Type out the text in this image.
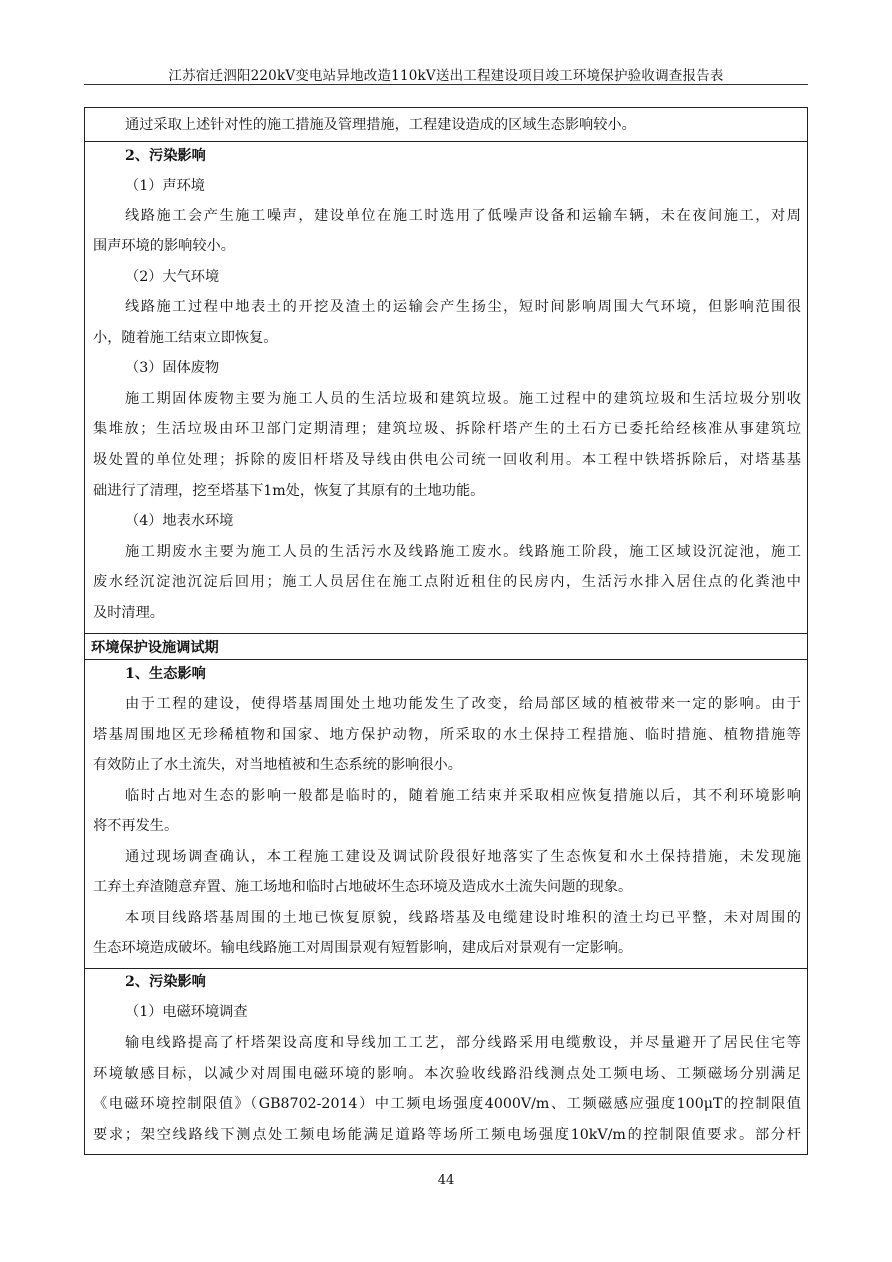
江苏宿迁泗阳220kV变电站异地改造110kV送出工程建设项目竣工环境保护验收调查报告表
通过采取上述针对性的施工措施及管理措施，工程建设造成的区域生态影响较小。
2、污染影响
（1）声环境
线路施工会产生施工噪声，建设单位在施工时选用了低噪声设备和运输车辆，未在夜间施工，对周
围声环境的影响较小。
（2）大气环境
线路施工过程中地表土的开挖及渣土的运输会产生扬尘，短时间影响周围大气环境，但影响范围很
小，随着施工结束立即恢复。
（3）固体废物
施工期固体废物主要为施工人员的生活垃圾和建筑垃圾。施工过程中的建筑垃圾和生活垃圾分别收
集堆放；生活垃圾由环卫部门定期清理；建筑垃圾、拆除杆塔产生的土石方已委托给经核准从事建筑垃
圾处置的单位处理；拆除的废旧杆塔及导线由供电公司统一回收利用。本工程中铁塔拆除后，对塔基基
础进行了清理，挖至塔基下1m处，恢复了其原有的土地功能。
（4）地表水环境
施工期废水主要为施工人员的生活污水及线路施工废水。线路施工阶段，施工区域设沉淀池，施工
废水经沉淀池沉淀后回用；施工人员居住在施工点附近租住的民房内，生活污水排入居住点的化粪池中
及时清理。
环境保护设施调试期
1、生态影响
由于工程的建设，使得塔基周围处土地功能发生了改变，给局部区域的植被带来一定的影响。由于
塔基周围地区无珍稀植物和国家、地方保护动物，所采取的水土保持工程措施、临时措施、植物措施等
有效防止了水土流失，对当地植被和生态系统的影响很小。
临时占地对生态的影响一般都是临时的，随着施工结束并采取相应恢复措施以后，其不利环境影响
将不再发生。
通过现场调查确认，本工程施工建设及调试阶段很好地落实了生态恢复和水土保持措施，未发现施
工弃土弃渣随意弃置、施工场地和临时占地破坏生态环境及造成水土流失问题的现象。
本项目线路塔基周围的土地已恢复原貌，线路塔基及电缆建设时堆积的渣土均已平整，未对周围的
生态环境造成破坏。输电线路施工对周围景观有短暂影响，建成后对景观有一定影响。
2、污染影响
（1）电磁环境调查
输电线路提高了杆塔架设高度和导线加工工艺，部分线路采用电缆敷设，并尽量避开了居民住宅等
环境敏感目标，以减少对周围电磁环境的影响。本次验收线路沿线测点处工频电场、工频磁场分别满足
《电磁环境控制限值》（GB8702-2014）中工频电场强度4000V/m、工频磁感应强度100μT的控制限值
要求；架空线路线下测点处工频电场能满足道路等场所工频电场强度10kV/m的控制限值要求。部分杆
44
